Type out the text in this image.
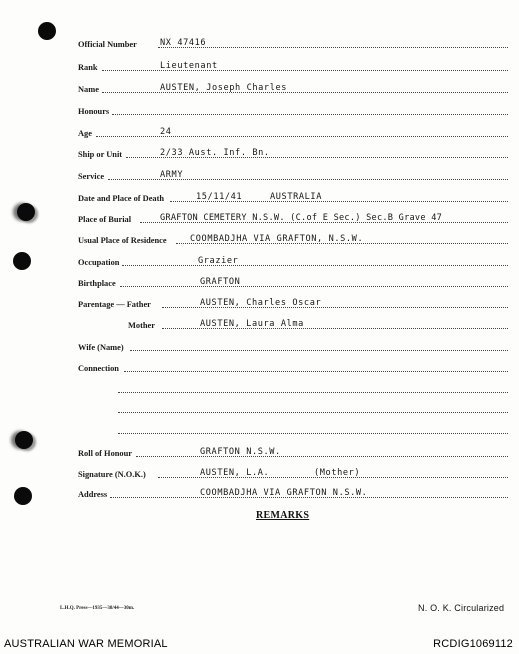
Official Number	NX 47416
Rank	Lieutenant
Name	AUSTEN, Joseph Charles
Honours
Age	24
Ship or Unit	2/33 Aust. Inf. Bn.
Service	ARMY
Date and Place of Death	15/11/41	AUSTRALIA
Place of Burial	GRAFTON CEMETERY N.S.W. (C.of E Sec.) Sec.B Grave 47
Usual Place of Residence	COOMBADJHA VIA GRAFTON, N.S.W.
Occupation	Grazier
Birthplace	GRAFTON
Parentage — Father	AUSTEN, Charles Oscar
Mother	AUSTEN, Laura Alma
Wife (Name)
Connection
Roll of Honour	GRAFTON N.S.W.
Signature (N.O.K.)	AUSTEN, L.A.	(Mother)
Address	COOMBADJHA VIA GRAFTON N.S.W.
REMARKS
L.H.Q. Press—1935—38/44—30m.	N. O. K. Circularized
AUSTRALIAN WAR MEMORIAL	RCDIG1069112
